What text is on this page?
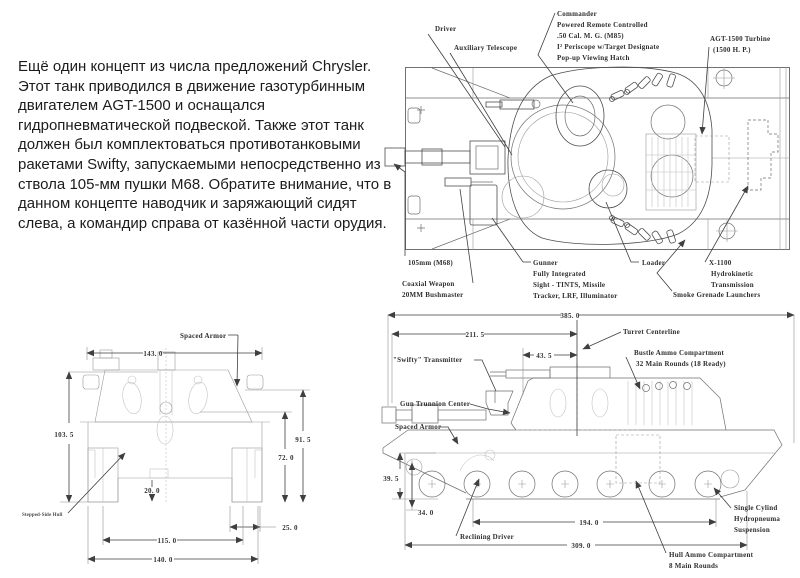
Ещё один концепт из числа предложений Chrysler. Этот танк приводился в движение газотурбинным двигателем AGT-1500 и оснащался гидропневматической подвеской. Также этот танк должен был комплектоваться противотанковыми ракетами Swifty, запускаемыми непосредственно из ствола 105-мм пушки М68. Обратите внимание, что в данном концепте наводчик и заряжающий сидят слева, а командир справа от казённой части орудия.
Driver
Auxiliary Telescope
Commander
Powered Remote Controlled
.50 Cal. M. G. (M85)
I² Periscope w/Target Designate
Pop-up Viewing Hatch
AGT-1500 Turbine
(1500 H. P.)
105mm (M68)
Coaxial Weapon
20MM Bushmaster
Gunner
Fully Integrated
Sight - TINTS, Missile
Tracker, LRF, Illuminator
Loader	X-1100
Hydrokinetic
Transmission
Smoke Grenade Launchers
Spaced Armor
Stepped-Side Hull
143. 0
103. 5
91. 5
72. 0
20. 0
25. 0
115. 0
140. 0
385. 0
211. 5
43. 5
39. 5
34. 0
194. 0
309. 0
Turret Centerline
Bustle Ammo Compartment
32 Main Rounds (18 Ready)
"Swifty" Transmitter
Gun Trunnion Center
Spaced Armor
Reclining Driver
Hull Ammo Compartment
8 Main Rounds
Single Cylind
Hydropneuma
Suspension
